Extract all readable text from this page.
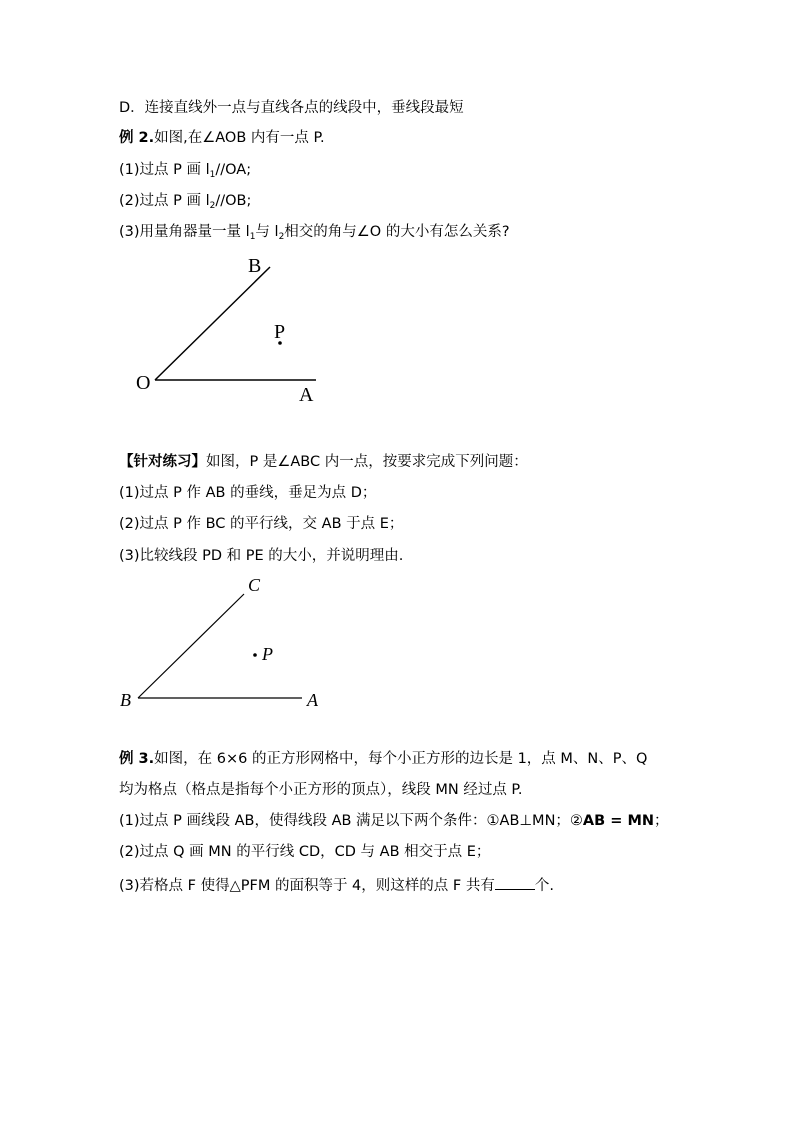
D．连接直线外一点与直线各点的线段中，垂线段最短
例 2.如图,在∠AOB 内有一点 P.
(1)过点 P 画 $l_1//OA$;
(2)过点 P 画 $l_2//OB$;
(3)用量角器量一量 $l_1$与 $l_2$相交的角与∠O 的大小有怎么关系?
B
P
O
A
【针对练习】如图，P 是∠ABC 内一点，按要求完成下列问题：
(1)过点 P 作 AB 的垂线，垂足为点 D；
(2)过点 P 作 BC 的平行线，交 AB 于点 E；
(3)比较线段 PD 和 PE 的大小，并说明理由.
C
P
B	A
例 3.如图，在 6×6 的正方形网格中，每个小正方形的边长是 1，点 M、N、P、Q
均为格点（格点是指每个小正方形的顶点），线段 MN 经过点 P.
(1)过点 P 画线段 AB，使得线段 AB 满足以下两个条件：①AB⊥MN；②AB = MN；
(2)过点 Q 画 MN 的平行线 CD，CD 与 AB 相交于点 E；
(3)若格点 F 使得△PFM 的面积等于 4，则这样的点 F 共有	个.
